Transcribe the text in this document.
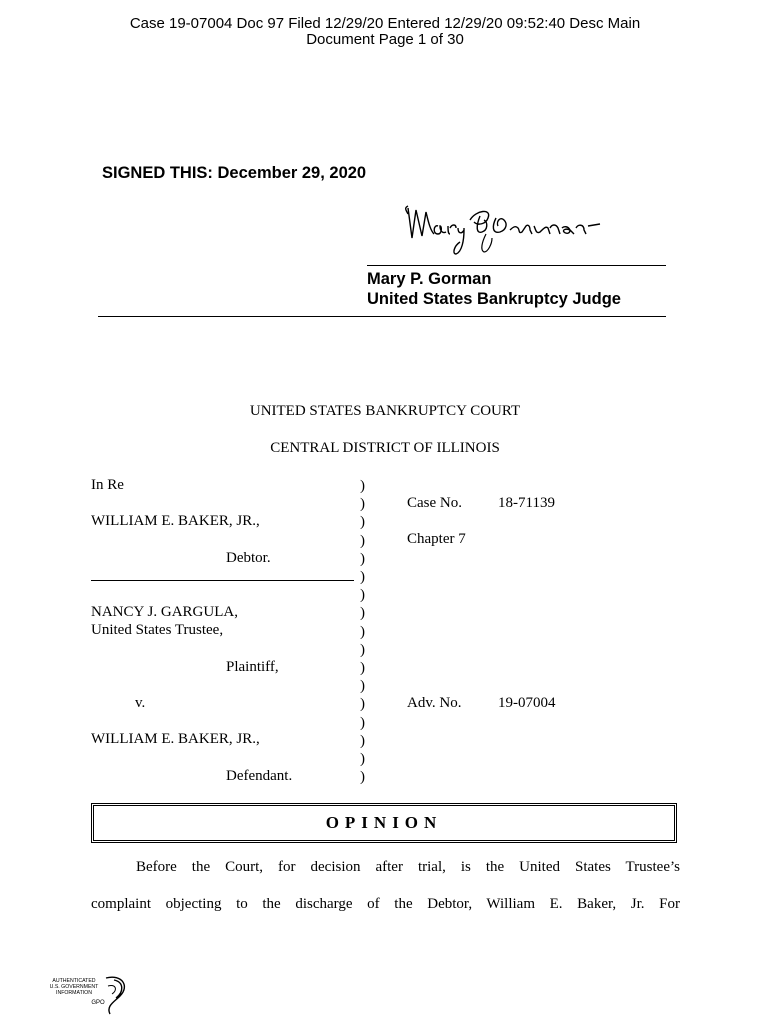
Case 19-07004 Doc 97 Filed 12/29/20 Entered 12/29/20 09:52:40 Desc Main
Document Page 1 of 30
SIGNED THIS: December 29, 2020
Mary P. Gorman
United States Bankruptcy Judge
UNITED STATES BANKRUPTCY COURT
CENTRAL DISTRICT OF ILLINOIS
In Re
WILLIAM E. BAKER, JR.,
Debtor.
NANCY J. GARGULA,
United States Trustee,
Plaintiff,
v.
WILLIAM E. BAKER, JR.,
Defendant.
)
)
)
)
)
)
)
)
)
)
)
)
)
)
)
)
)
Case No. 18-71139
Chapter 7
Adv. No. 19-07004
OPINION
Before the Court, for decision after trial, is the United States Trustee’s
complaint objecting to the discharge of the Debtor, William E. Baker, Jr. For
AUTHENTICATED
U.S. GOVERNMENT
INFORMATION
GPO
